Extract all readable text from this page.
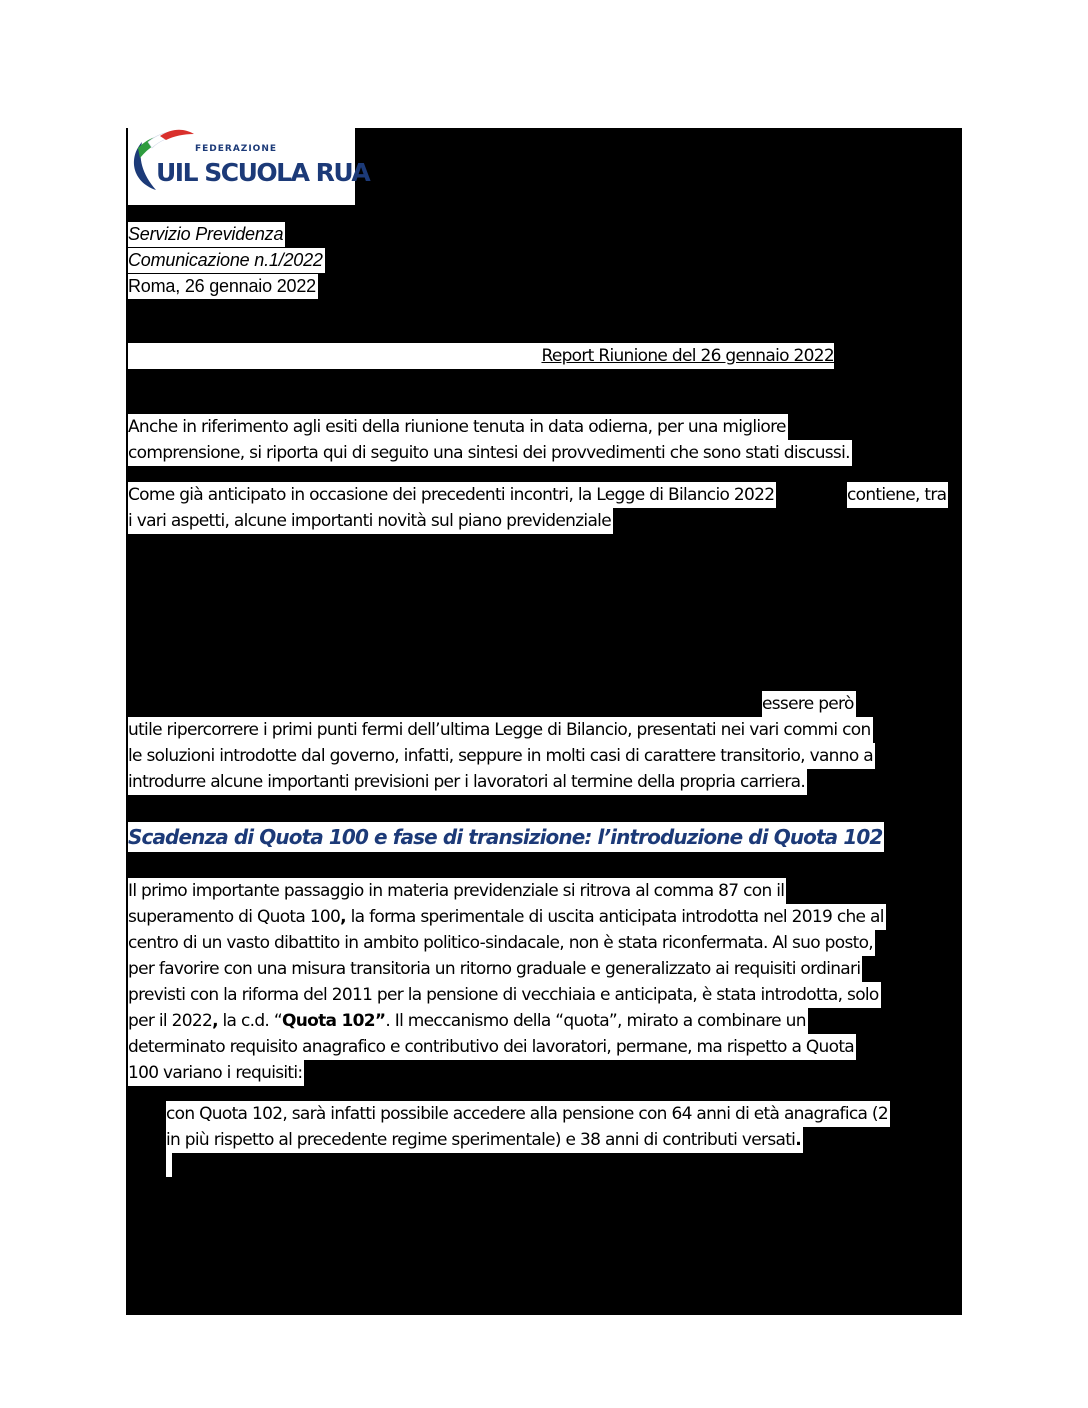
FEDERAZIONE
UIL SCUOLA RUA
Servizio Previdenza
Comunicazione n.1/2022
Roma, 26 gennaio 2022
Report Riunione del 26 gennaio 2022
Anche in riferimento agli esiti della riunione tenuta in data odierna, per una migliore
comprensione, si riporta qui di seguito una sintesi dei provvedimenti che sono stati discussi.
Come già anticipato in occasione dei precedenti incontri, la Legge di Bilancio 2022	contiene, tra
i vari aspetti, alcune importanti novità sul piano previdenziale
essere però
utile ripercorrere i primi punti fermi dell’ultima Legge di Bilancio, presentati nei vari commi con
le soluzioni introdotte dal governo, infatti, seppure in molti casi di carattere transitorio, vanno a
introdurre alcune importanti previsioni per i lavoratori al termine della propria carriera.
Scadenza di Quota 100 e fase di transizione: l’introduzione di Quota 102
Il primo importante passaggio in materia previdenziale si ritrova al comma 87 con il
superamento di Quota 100, la forma sperimentale di uscita anticipata introdotta nel 2019 che al
centro di un vasto dibattito in ambito politico-sindacale, non è stata riconfermata. Al suo posto,
per favorire con una misura transitoria un ritorno graduale e generalizzato ai requisiti ordinari
previsti con la riforma del 2011 per la pensione di vecchiaia e anticipata, è stata introdotta, solo
per il 2022, la c.d. “Quota 102”. Il meccanismo della “quota”, mirato a combinare un
determinato requisito anagrafico e contributivo dei lavoratori, permane, ma rispetto a Quota
100 variano i requisiti:
con Quota 102, sarà infatti possibile accedere alla pensione con 64 anni di età anagrafica (2
in più rispetto al precedente regime sperimentale) e 38 anni di contributi versati.
